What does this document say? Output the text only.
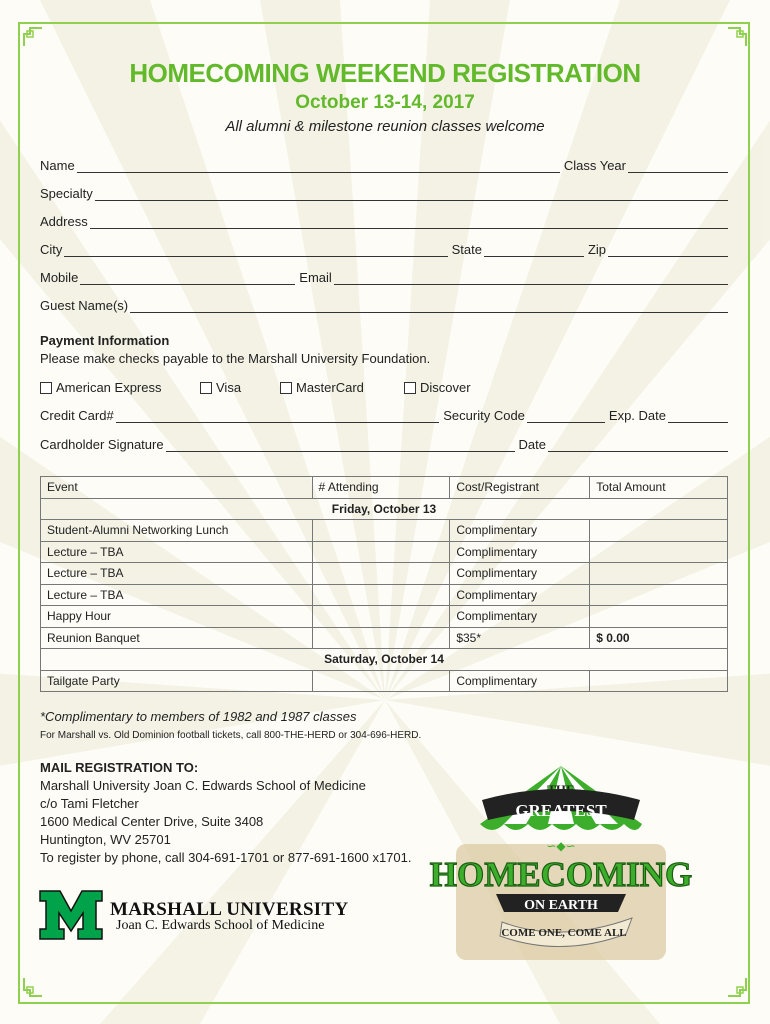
HOMECOMING WEEKEND REGISTRATION
October 13-14, 2017
All alumni & milestone reunion classes welcome
Name	Class Year
Specialty
Address
City	State	Zip
Mobile	Email
Guest Name(s)
Payment Information
Please make checks payable to the Marshall University Foundation.
American Express	Visa	MasterCard	Discover
Credit Card#	Security Code	Exp. Date
Cardholder Signature	Date
Event	# Attending	Cost/Registrant	Total Amount
Friday, October 13			
Student-Alumni Networking Lunch		Complimentary	
Lecture – TBA		Complimentary	
Lecture – TBA		Complimentary	
Lecture – TBA		Complimentary	
Happy Hour		Complimentary	
Reunion Banquet		$35*	$ 0.00
Saturday, October 14			
Tailgate Party		Complimentary	
*Complimentary to members of 1982 and 1987 classes
For Marshall vs. Old Dominion football tickets, call 800-THE-HERD or 304-696-HERD.
MAIL REGISTRATION TO:
Marshall University Joan C. Edwards School of Medicine
c/o Tami Fletcher
1600 Medical Center Drive, Suite 3408
Huntington, WV 25701
To register by phone, call 304-691-1701 or 877-691-1600 x1701.
MARSHALL UNIVERSITY
Joan C. Edwards School of Medicine
GREATEST
THE
∽◆∽
HOMECOMING
ON EARTH
COME ONE, COME ALL
